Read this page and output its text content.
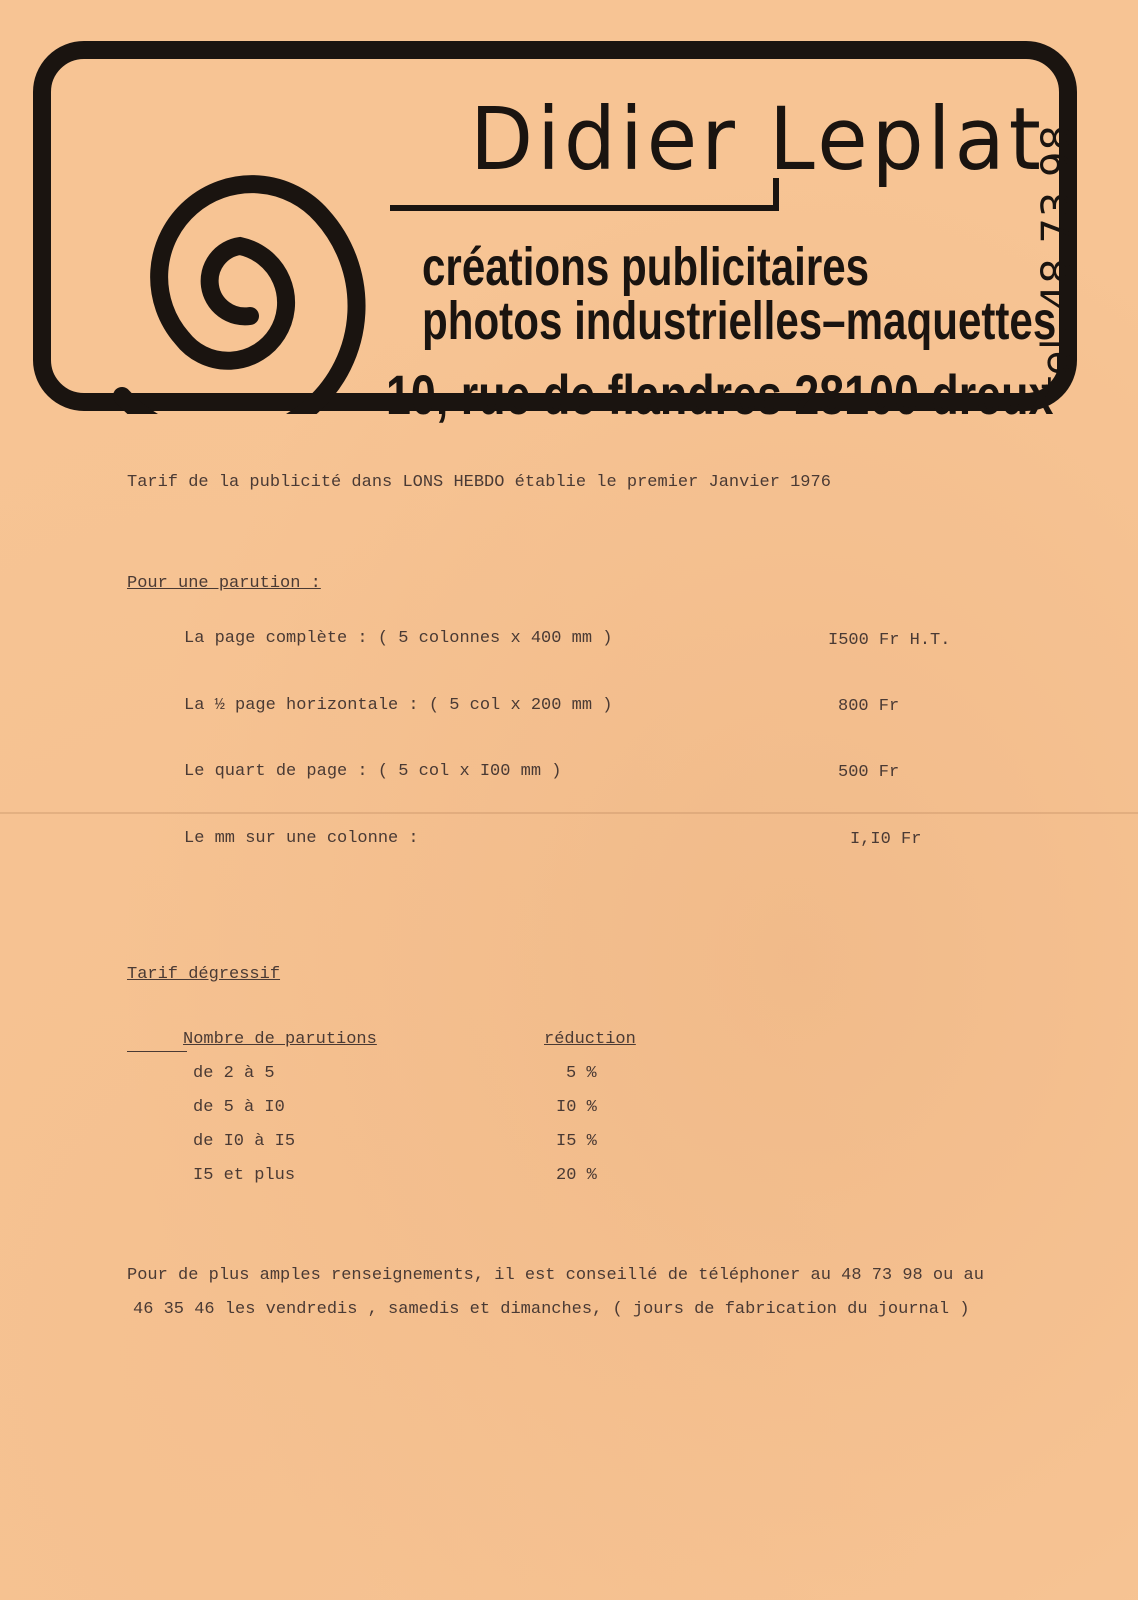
Didier Leplat
créations publicitaires
photos industrielles–maquettes
10, rue de flandres 28100 dreux
tel. 48 73 98
Tarif de la publicité dans LONS HEBDO établie le premier Janvier 1976
Pour une parution :
La page complète : ( 5 colonnes x 400 mm )	I500 Fr H.T.
La ½ page horizontale : ( 5 col x 200 mm )	800 Fr
Le quart de page : ( 5 col x I00 mm )	500 Fr
Le mm sur une colonne :	I,I0 Fr
Tarif dégressif
Nombre de parutions	réduction
de 2 à 5	5 %
de 5 à I0	I0 %
de I0 à I5	I5 %
I5 et plus	20 %
Pour de plus amples renseignements, il est conseillé de téléphoner au 48 73 98 ou au
46 35 46 les vendredis , samedis et dimanches, ( jours de fabrication du journal )
